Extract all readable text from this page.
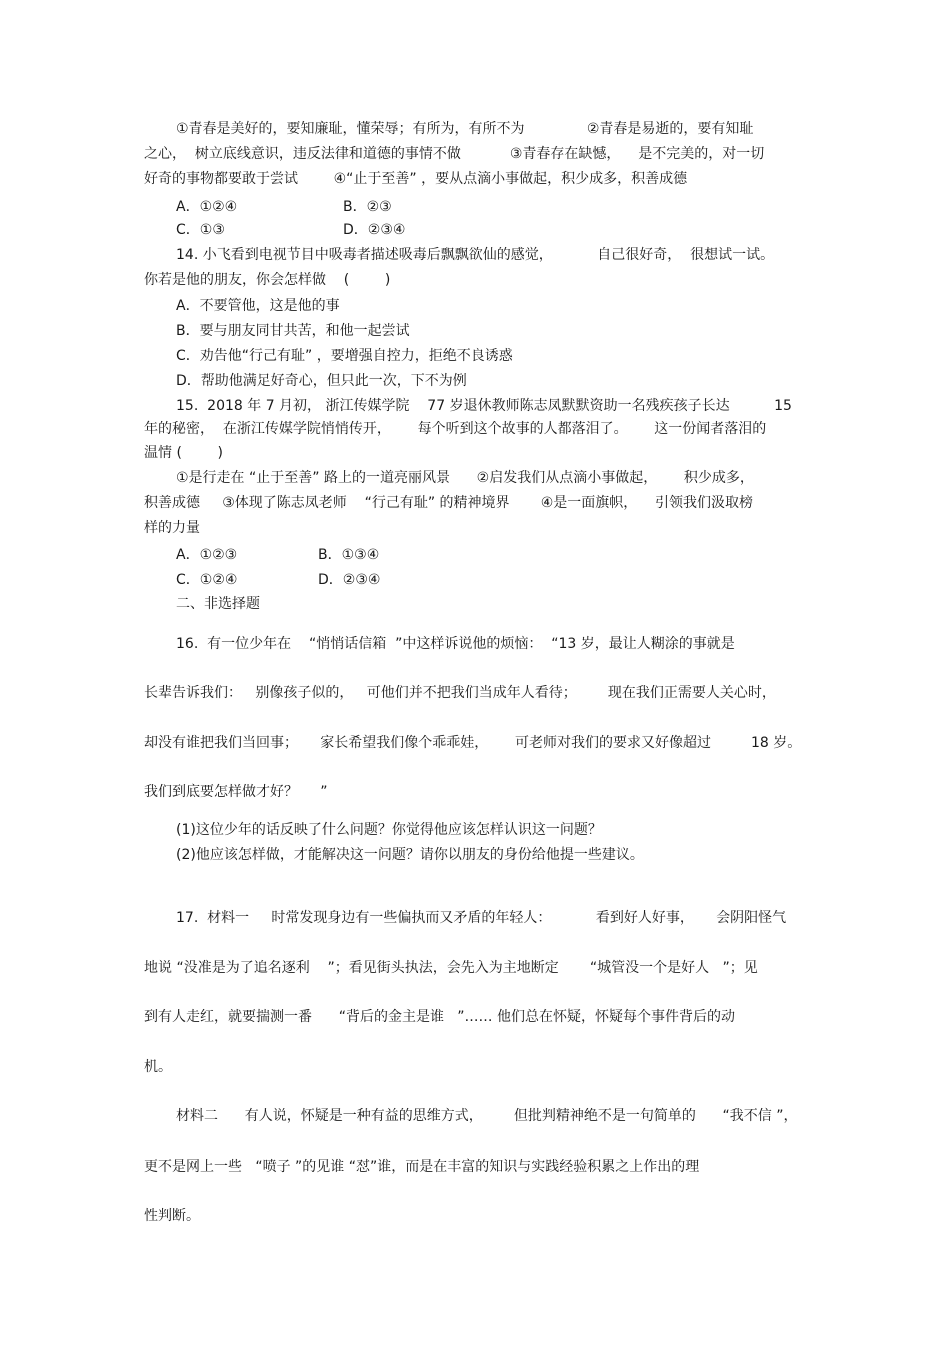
①青春是美好的，要知廉耻，懂荣辱；有所为，有所不为              ②青春是易逝的，要有知耻
之心，  树立底线意识，违反法律和道德的事情不做           ③青春存在缺憾，    是不完美的，对一切
好奇的事物都要敢于尝试        ④“止于至善” ，要从点滴小事做起，积少成多，积善成德
A．①②④	B．②③
C．①③	D．②③④
14. 小飞看到电视节目中吸毒者描述吸毒后飘飘欲仙的感觉，          自己很好奇，  很想试一试。
你若是他的朋友，你会怎样做    (        )
A．不要管他，这是他的事
B．要与朋友同甘共苦，和他一起尝试
C．劝告他“行己有耻” ，要增强自控力，拒绝不良诱惑
D．帮助他满足好奇心，但只此一次，下不为例
15.  2018 年 7 月初， 浙江传媒学院    77 岁退休教师陈志凤默默资助一名残疾孩子长达          15
年的秘密，  在浙江传媒学院悄悄传开，      每个听到这个故事的人都落泪了。      这一份闻者落泪的
温情 (        )
①是行走在 “止于至善” 路上的一道亮丽风景      ②启发我们从点滴小事做起，      积少成多，
积善成德     ③体现了陈志凤老师    “行己有耻” 的精神境界       ④是一面旗帜，    引领我们汲取榜
样的力量
A．①②③	B．①③④
C．①②④	D．②③④
二、非选择题
16.  有一位少年在    “悄悄话信箱  ”中这样诉说他的烦恼：  “13 岁，最让人糊涂的事就是
长辈告诉我们：   别像孩子似的，   可他们并不把我们当成年人看待；       现在我们正需要人关心时，
却没有谁把我们当回事；     家长希望我们像个乖乖娃，      可老师对我们的要求又好像超过         18 岁。
我们到底要怎样做才好？     ”
(1)这位少年的话反映了什么问题？你觉得他应该怎样认识这一问题？
(2)他应该怎样做，才能解决这一问题？请你以朋友的身份给他提一些建议。
17.  材料一     时常发现身边有一些偏执而又矛盾的年轻人：          看到好人好事，     会阴阳怪气
地说 “没准是为了追名逐利    ”；看见街头执法，会先入为主地断定       “城管没一个是好人   ”；见
到有人走红，就要揣测一番      “背后的金主是谁   ”…… 他们总在怀疑，怀疑每个事件背后的动
机。
材料二      有人说，怀疑是一种有益的思维方式，       但批判精神绝不是一句简单的      “我不信 ”，
更不是网上一些   “喷子 ”的见谁 “怼”谁，而是在丰富的知识与实践经验积累之上作出的理
性判断。
